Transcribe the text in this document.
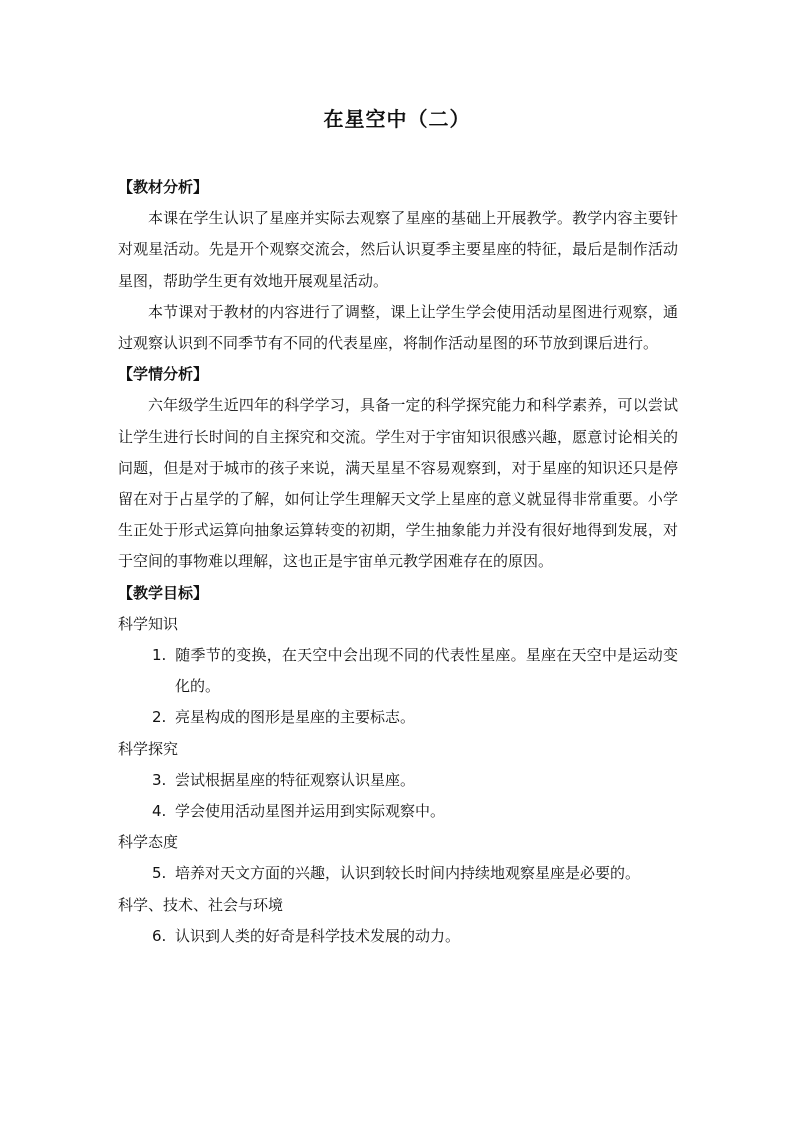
在星空中（二）

【教材分析】

本课在学生认识了星座并实际去观察了星座的基础上开展教学。教学内容主要针对观星活动。先是开个观察交流会，然后认识夏季主要星座的特征，最后是制作活动星图，帮助学生更有效地开展观星活动。

本节课对于教材的内容进行了调整，课上让学生学会使用活动星图进行观察，通过观察认识到不同季节有不同的代表星座，将制作活动星图的环节放到课后进行。

【学情分析】

六年级学生近四年的科学学习，具备一定的科学探究能力和科学素养，可以尝试让学生进行长时间的自主探究和交流。学生对于宇宙知识很感兴趣，愿意讨论相关的问题，但是对于城市的孩子来说，满天星星不容易观察到，对于星座的知识还只是停留在对于占星学的了解，如何让学生理解天文学上星座的意义就显得非常重要。小学生正处于形式运算向抽象运算转变的初期，学生抽象能力并没有很好地得到发展，对于空间的事物难以理解，这也正是宇宙单元教学困难存在的原因。

【教学目标】

科学知识

1. 随季节的变换，在天空中会出现不同的代表性星座。星座在天空中是运动变化的。

2. 亮星构成的图形是星座的主要标志。

科学探究

3. 尝试根据星座的特征观察认识星座。

4. 学会使用活动星图并运用到实际观察中。

科学态度

5. 培养对天文方面的兴趣，认识到较长时间内持续地观察星座是必要的。

科学、技术、社会与环境

6. 认识到人类的好奇是科学技术发展的动力。
